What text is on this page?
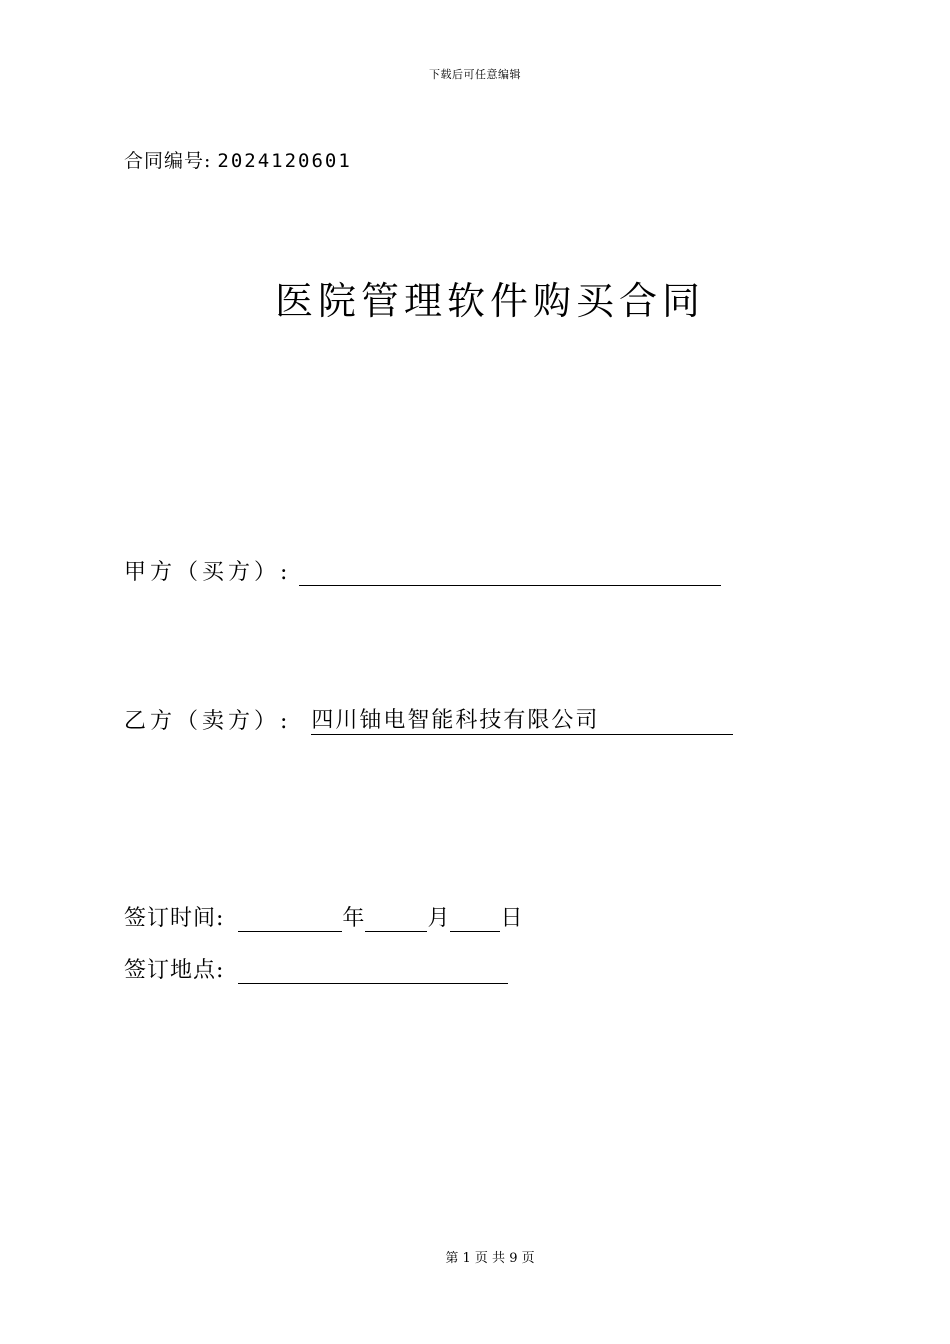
下载后可任意编辑
合同编号: 2024120601
医院管理软件购买合同
甲方（买方）:
乙方（卖方）: 四川铀电智能科技有限公司
签订时间:	年	月 日
签订地点:
第 1 页 共 9 页
